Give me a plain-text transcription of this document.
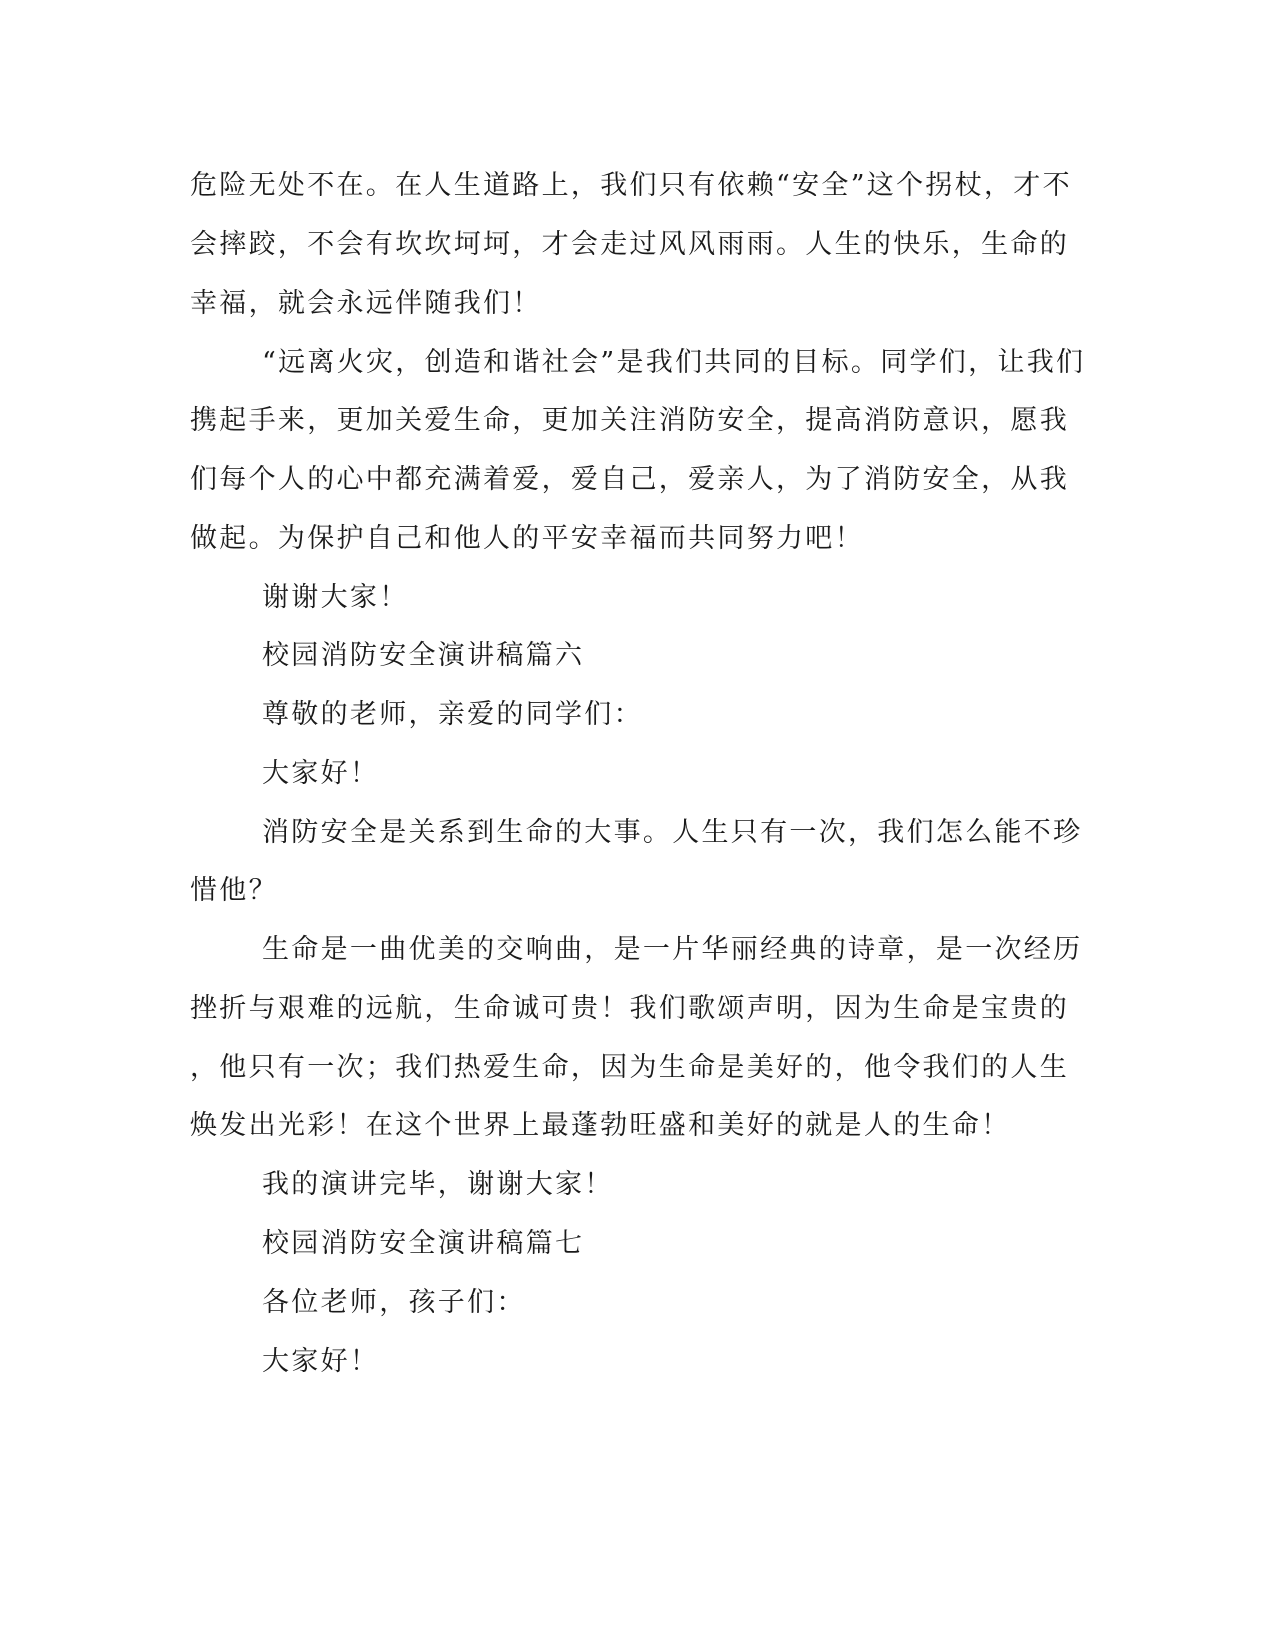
危险无处不在。在人生道路上，我们只有依赖“安全”这个拐杖，才不
会摔跤，不会有坎坎坷坷，才会走过风风雨雨。人生的快乐，生命的
幸福，就会永远伴随我们！
“远离火灾，创造和谐社会”是我们共同的目标。同学们，让我们
携起手来，更加关爱生命，更加关注消防安全，提高消防意识，愿我
们每个人的心中都充满着爱，爱自己，爱亲人，为了消防安全，从我
做起。为保护自己和他人的平安幸福而共同努力吧！
谢谢大家！
校园消防安全演讲稿篇六
尊敬的老师，亲爱的同学们：
大家好！
消防安全是关系到生命的大事。人生只有一次，我们怎么能不珍
惜他？
生命是一曲优美的交响曲，是一片华丽经典的诗章，是一次经历
挫折与艰难的远航，生命诚可贵！我们歌颂声明，因为生命是宝贵的
，他只有一次；我们热爱生命，因为生命是美好的，他令我们的人生
焕发出光彩！在这个世界上最蓬勃旺盛和美好的就是人的生命！
我的演讲完毕，谢谢大家！
校园消防安全演讲稿篇七
各位老师，孩子们：
大家好！
